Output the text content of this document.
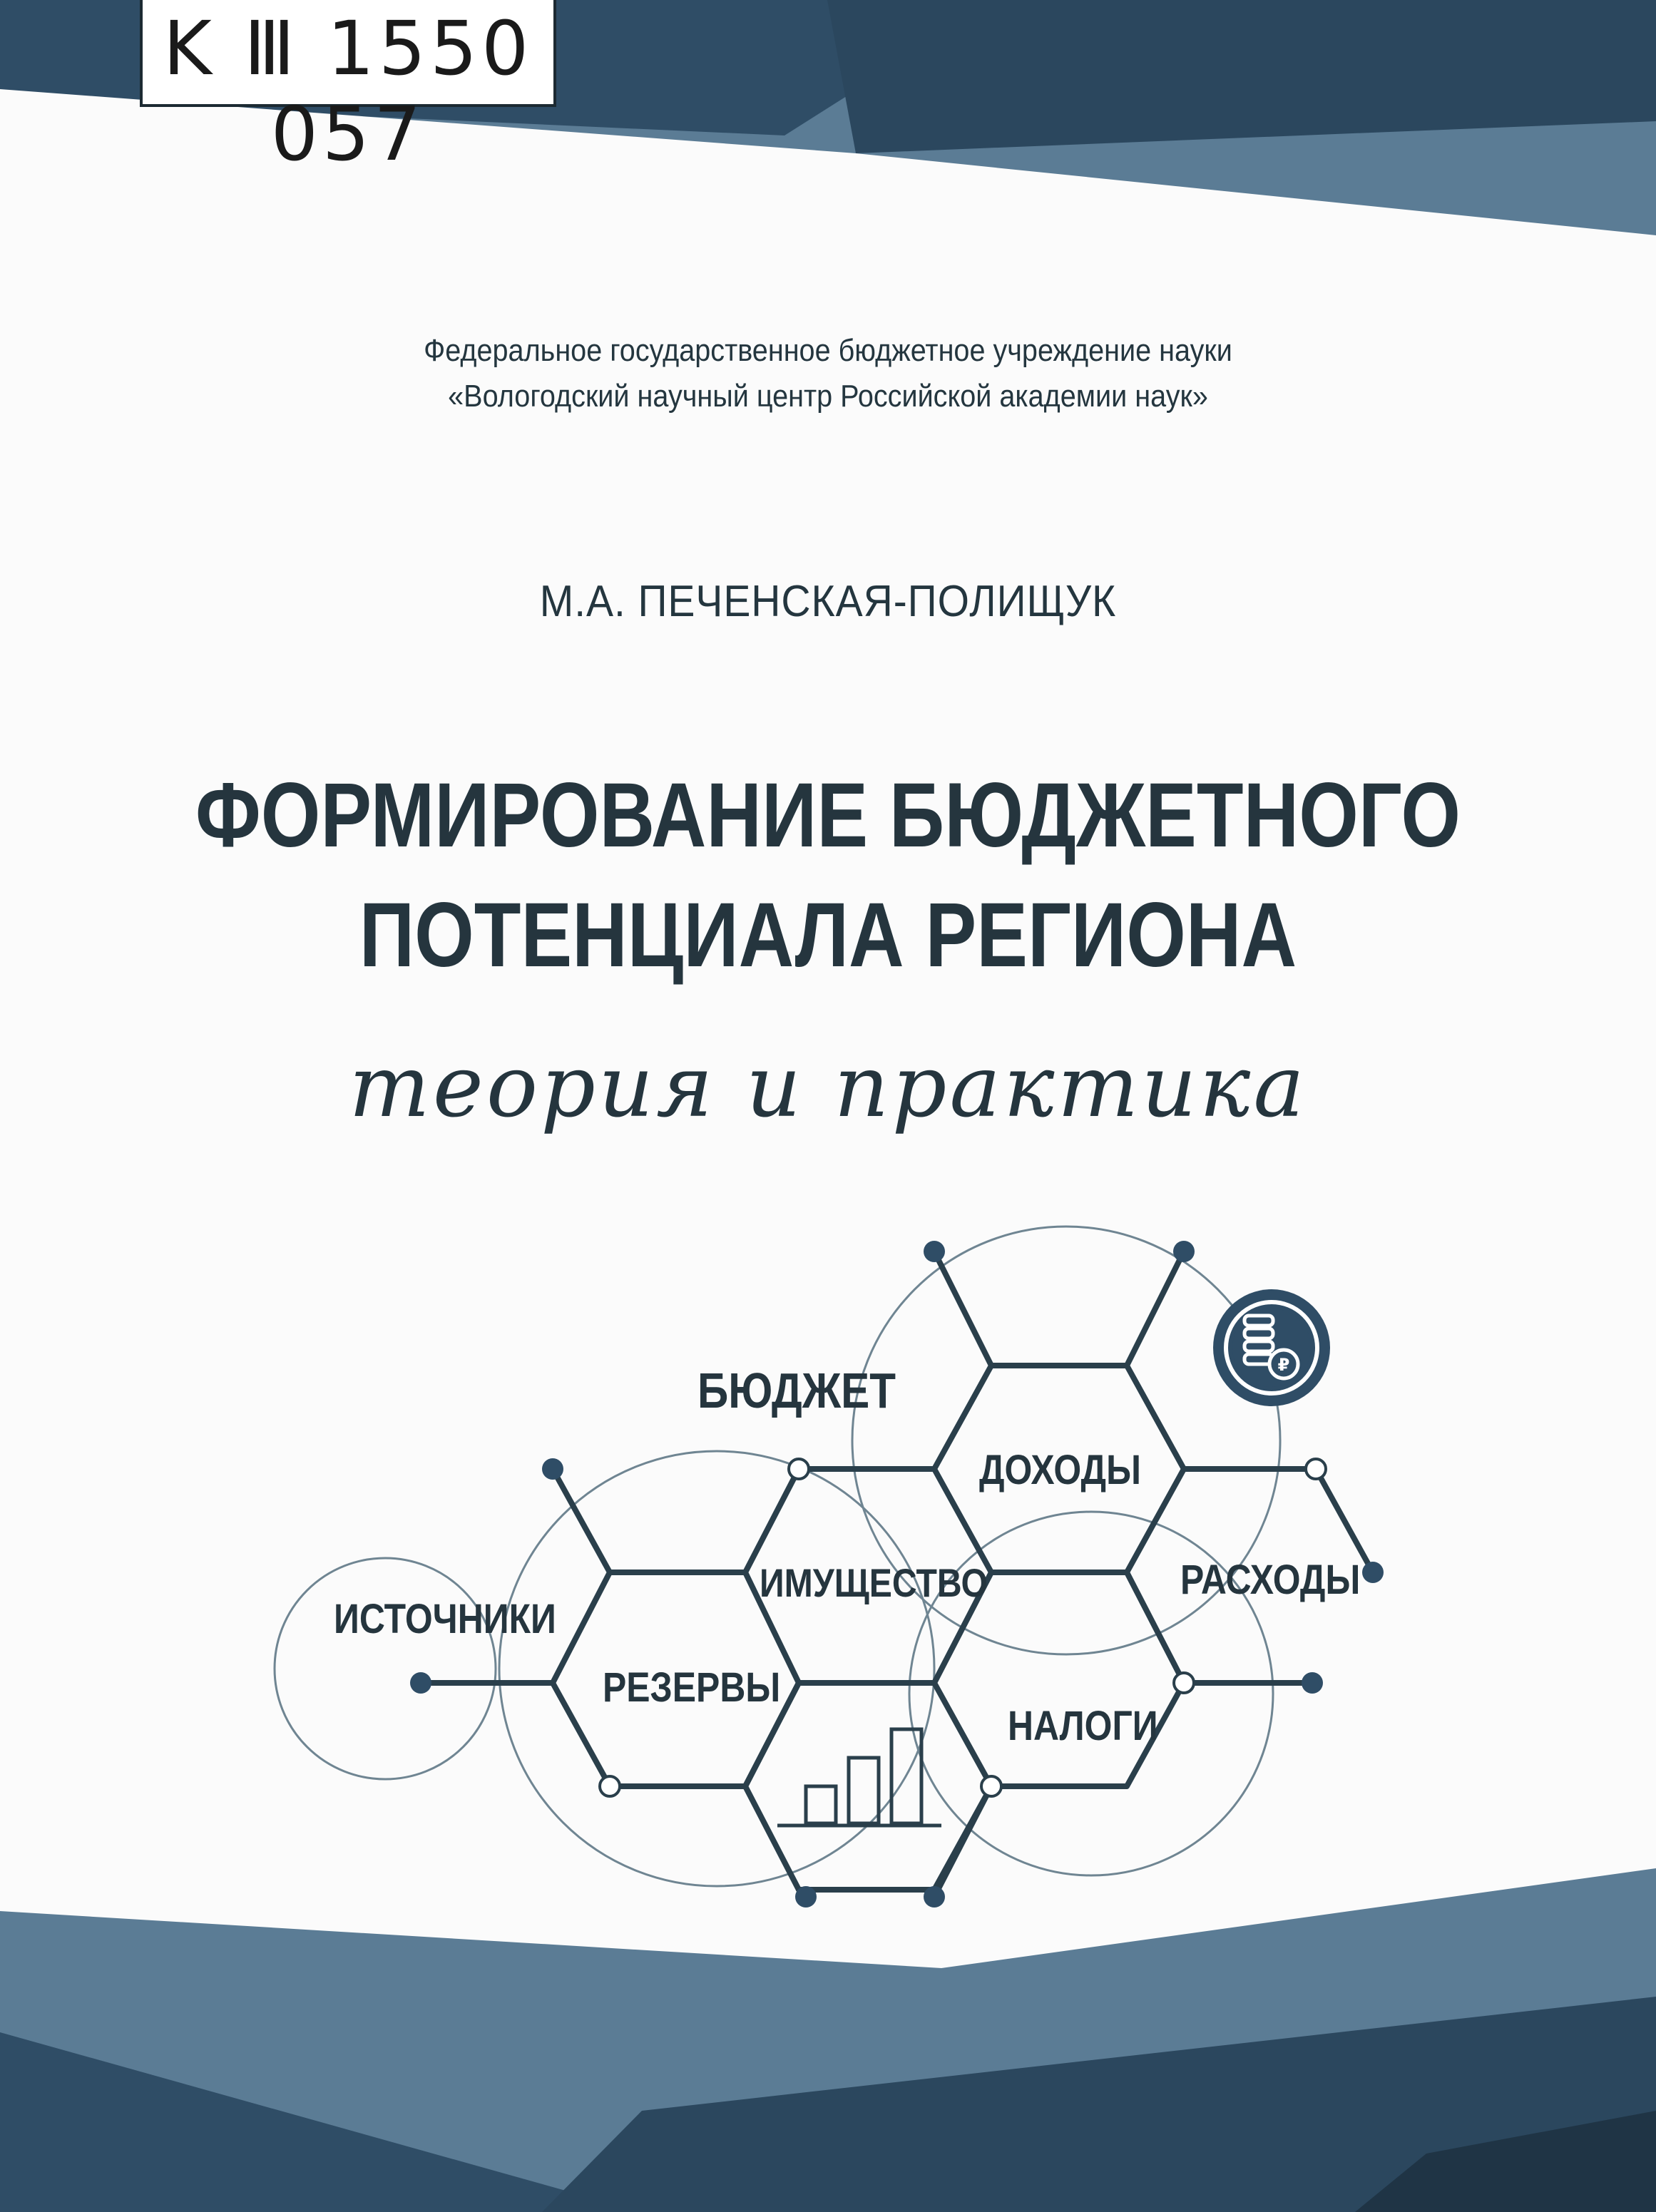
₽

K Ⅲ 1550 057

Федеральное государственное бюджетное учреждение науки
«Вологодский научный центр Российской академии наук»

М.А. ПЕЧЕНСКАЯ-ПОЛИЩУК

ФОРМИРОВАНИЕ БЮДЖЕТНОГО
ПОТЕНЦИАЛА РЕГИОНА

теория и практика

БЮДЖЕТ

ДОХОДЫ

ИМУЩЕСТВО	РАСХОДЫ

ИСТОЧНИКИ

РЕЗЕРВЫ

НАЛОГИ
